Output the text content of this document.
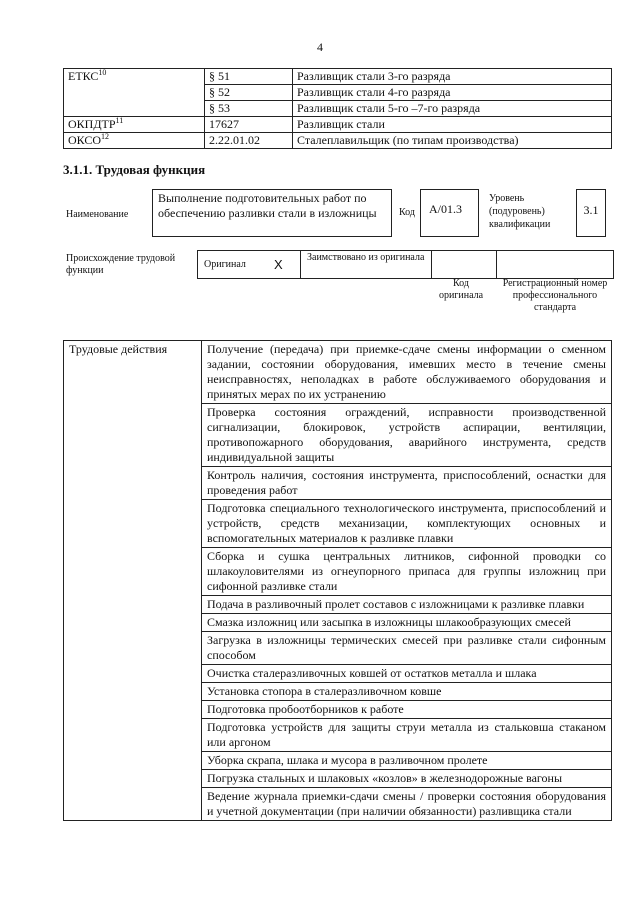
4
ЕТКС$^{10}$	§ 51	Разливщик стали 3-го разряда
	§ 52	Разливщик стали 4-го разряда
	§ 53	Разливщик стали 5-го –7-го разряда
ОКПДТР$^{11}$	17627	Разливщик стали
ОКСО$^{12}$	2.22.01.02	Сталеплавильщик (по типам производства)
3.1.1. Трудовая функция
Наименование
Выполнение подготовительных работ по обеспечению разливки стали в изложницы	Код	А/01.3
Уровень
(подуровень)
квалификации
3.1
Происхождение трудовой функции
Оригинал	X	Заимствовано из оригинала		
Код оригинала
Регистрационный номер профессионального стандарта
Трудовые действия	Получение (передача) при приемке-сдаче смены информации о сменном задании, состоянии оборудования, имевших место в течение смены неисправностях, неполадках в работе обслуживаемого оборудования и принятых мерах по их устранению
Проверка состояния ограждений, исправности производственной сигнализации, блокировок, устройств аспирации, вентиляции, противопожарного оборудования, аварийного инструмента, средств индивидуальной защиты
Контроль наличия, состояния инструмента, приспособлений, оснастки для проведения работ
Подготовка специального технологического инструмента, приспособлений и устройств, средств механизации, комплектующих основных и вспомогательных материалов к разливке плавки
Сборка и сушка центральных литников, сифонной проводки со шлакоуловителями из огнеупорного припаса для группы изложниц при сифонной разливке стали
Подача в разливочный пролет составов с изложницами к разливке плавки
Смазка изложниц или засыпка в изложницы шлакообразующих смесей
Загрузка в изложницы термических смесей при разливке стали сифонным способом
Очистка сталеразливочных ковшей от остатков металла и шлака
Установка стопора в сталеразливочном ковше
Подготовка пробоотборников к работе
Подготовка устройств для защиты струи металла из стальковша стаканом или аргоном
Уборка скрапа, шлака и мусора в разливочном пролете
Погрузка стальных и шлаковых «козлов» в железнодорожные вагоны
Ведение журнала приемки-сдачи смены / проверки состояния оборудования и учетной документации (при наличии обязанности) разливщика стали
